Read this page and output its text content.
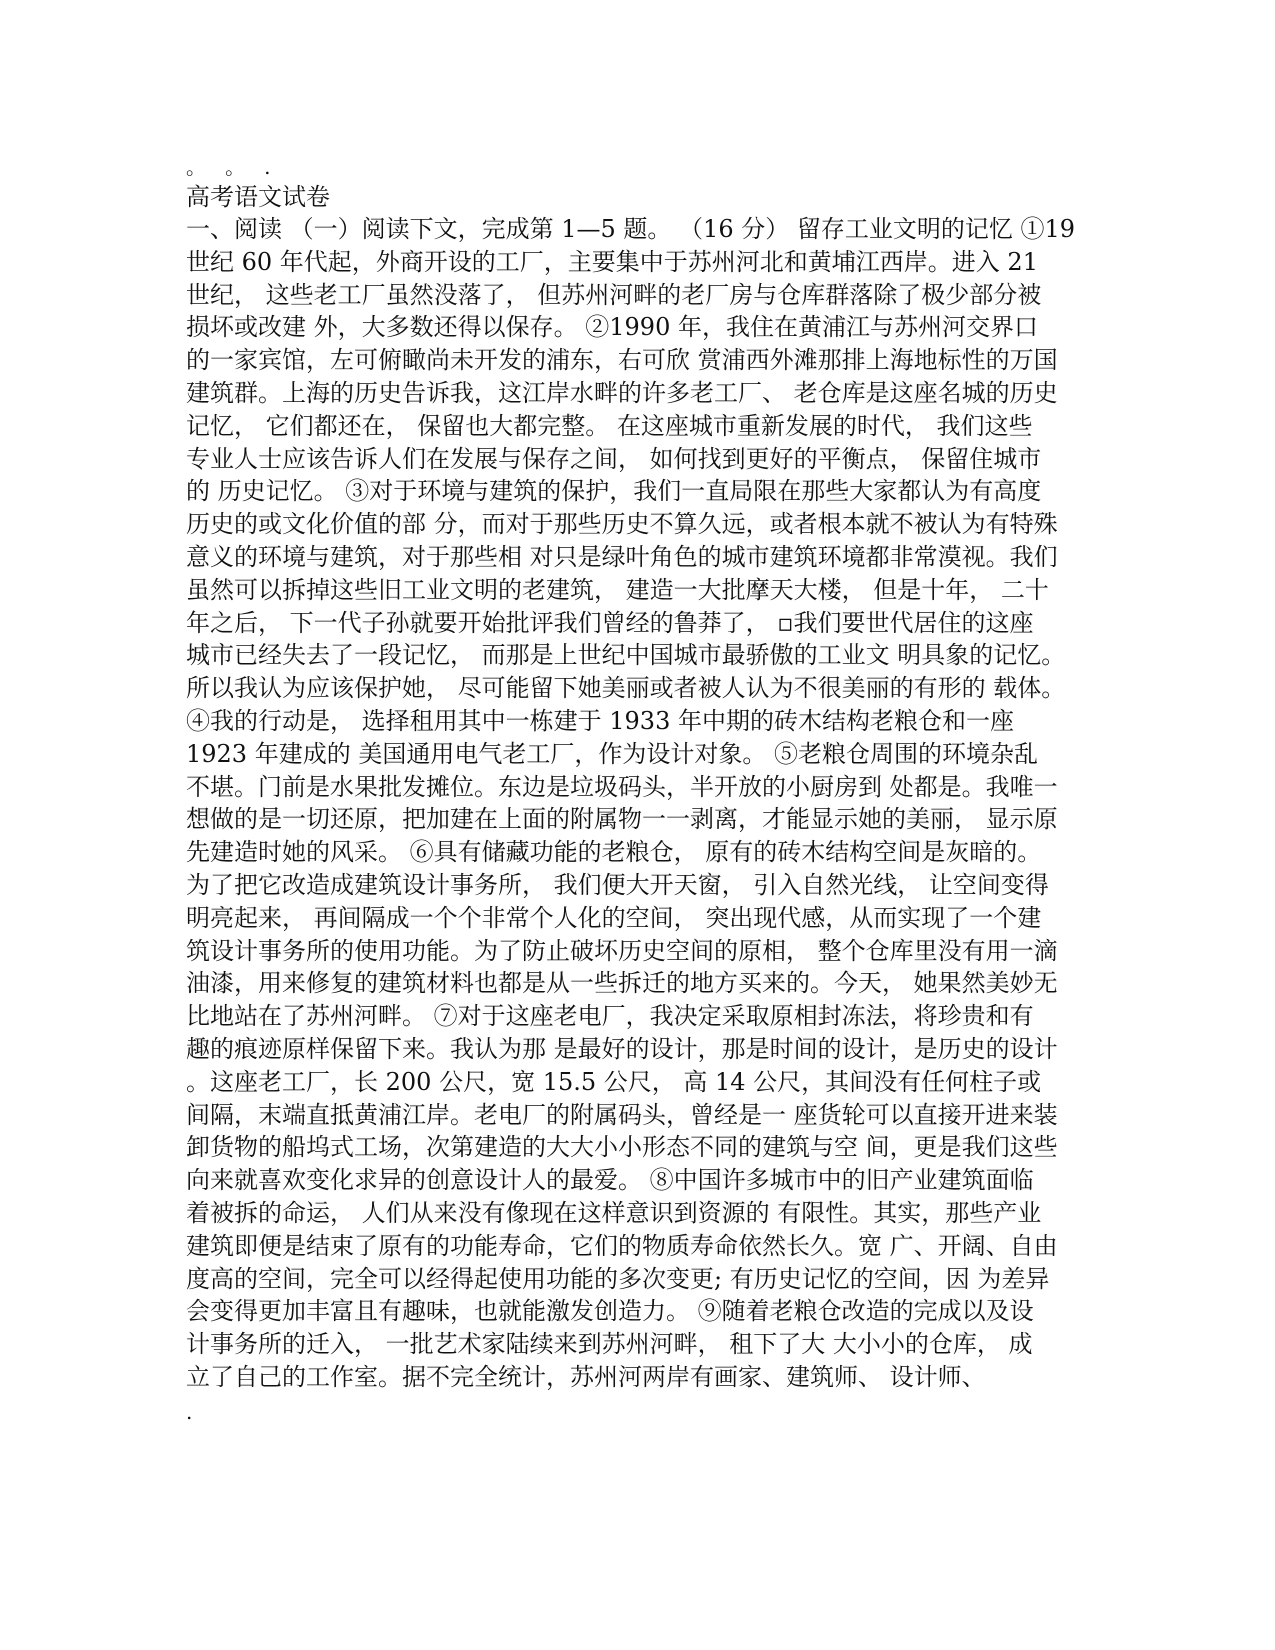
。   。   .
高考语文试卷
一、阅读 （一）阅读下文，完成第 1—5 题。 （16 分） 留存工业文明的记忆 ①19
世纪 60 年代起，外商开设的工厂，主要集中于苏州河北和黄埔江西岸。进入 21
世纪， 这些老工厂虽然没落了， 但苏州河畔的老厂房与仓库群落除了极少部分被
损坏或改建 外，大多数还得以保存。 ②1990 年，我住在黄浦江与苏州河交界口
的一家宾馆，左可俯瞰尚未开发的浦东，右可欣 赏浦西外滩那排上海地标性的万国
建筑群。上海的历史告诉我，这江岸水畔的许多老工厂、 老仓库是这座名城的历史
记忆， 它们都还在， 保留也大都完整。 在这座城市重新发展的时代， 我们这些
专业人士应该告诉人们在发展与保存之间， 如何找到更好的平衡点， 保留住城市
的 历史记忆。 ③对于环境与建筑的保护，我们一直局限在那些大家都认为有高度
历史的或文化价值的部 分，而对于那些历史不算久远，或者根本就不被认为有特殊
意义的环境与建筑，对于那些相 对只是绿叶角色的城市建筑环境都非常漠视。我们
虽然可以拆掉这些旧工业文明的老建筑， 建造一大批摩天大楼， 但是十年， 二十
年之后， 下一代子孙就要开始批评我们曾经的鲁莽了， ▫我们要世代居住的这座
城市已经失去了一段记忆， 而那是上世纪中国城市最骄傲的工业文 明具象的记忆。
所以我认为应该保护她， 尽可能留下她美丽或者被人认为不很美丽的有形的 载体。
④我的行动是， 选择租用其中一栋建于 1933 年中期的砖木结构老粮仓和一座
1923 年建成的 美国通用电气老工厂，作为设计对象。 ⑤老粮仓周围的环境杂乱
不堪。门前是水果批发摊位。东边是垃圾码头，半开放的小厨房到 处都是。我唯一
想做的是一切还原，把加建在上面的附属物一一剥离，才能显示她的美丽， 显示原
先建造时她的风采。 ⑥具有储藏功能的老粮仓， 原有的砖木结构空间是灰暗的。
为了把它改造成建筑设计事务所， 我们便大开天窗， 引入自然光线， 让空间变得
明亮起来， 再间隔成一个个非常个人化的空间， 突出现代感，从而实现了一个建
筑设计事务所的使用功能。为了防止破坏历史空间的原相， 整个仓库里没有用一滴
油漆，用来修复的建筑材料也都是从一些拆迁的地方买来的。今天， 她果然美妙无
比地站在了苏州河畔。 ⑦对于这座老电厂，我决定采取原相封冻法，将珍贵和有
趣的痕迹原样保留下来。我认为那 是最好的设计，那是时间的设计，是历史的设计
。这座老工厂，长 200 公尺，宽 15.5 公尺， 高 14 公尺，其间没有任何柱子或
间隔，末端直抵黄浦江岸。老电厂的附属码头，曾经是一 座货轮可以直接开进来装
卸货物的船坞式工场，次第建造的大大小小形态不同的建筑与空 间，更是我们这些
向来就喜欢变化求异的创意设计人的最爱。 ⑧中国许多城市中的旧产业建筑面临
着被拆的命运， 人们从来没有像现在这样意识到资源的 有限性。其实，那些产业
建筑即便是结束了原有的功能寿命，它们的物质寿命依然长久。宽 广、开阔、自由
度高的空间，完全可以经得起使用功能的多次变更; 有历史记忆的空间，因 为差异
会变得更加丰富且有趣味，也就能激发创造力。 ⑨随着老粮仓改造的完成以及设
计事务所的迁入， 一批艺术家陆续来到苏州河畔， 租下了大 大小小的仓库， 成
立了自己的工作室。据不完全统计，苏州河两岸有画家、建筑师、 设计师、
.
